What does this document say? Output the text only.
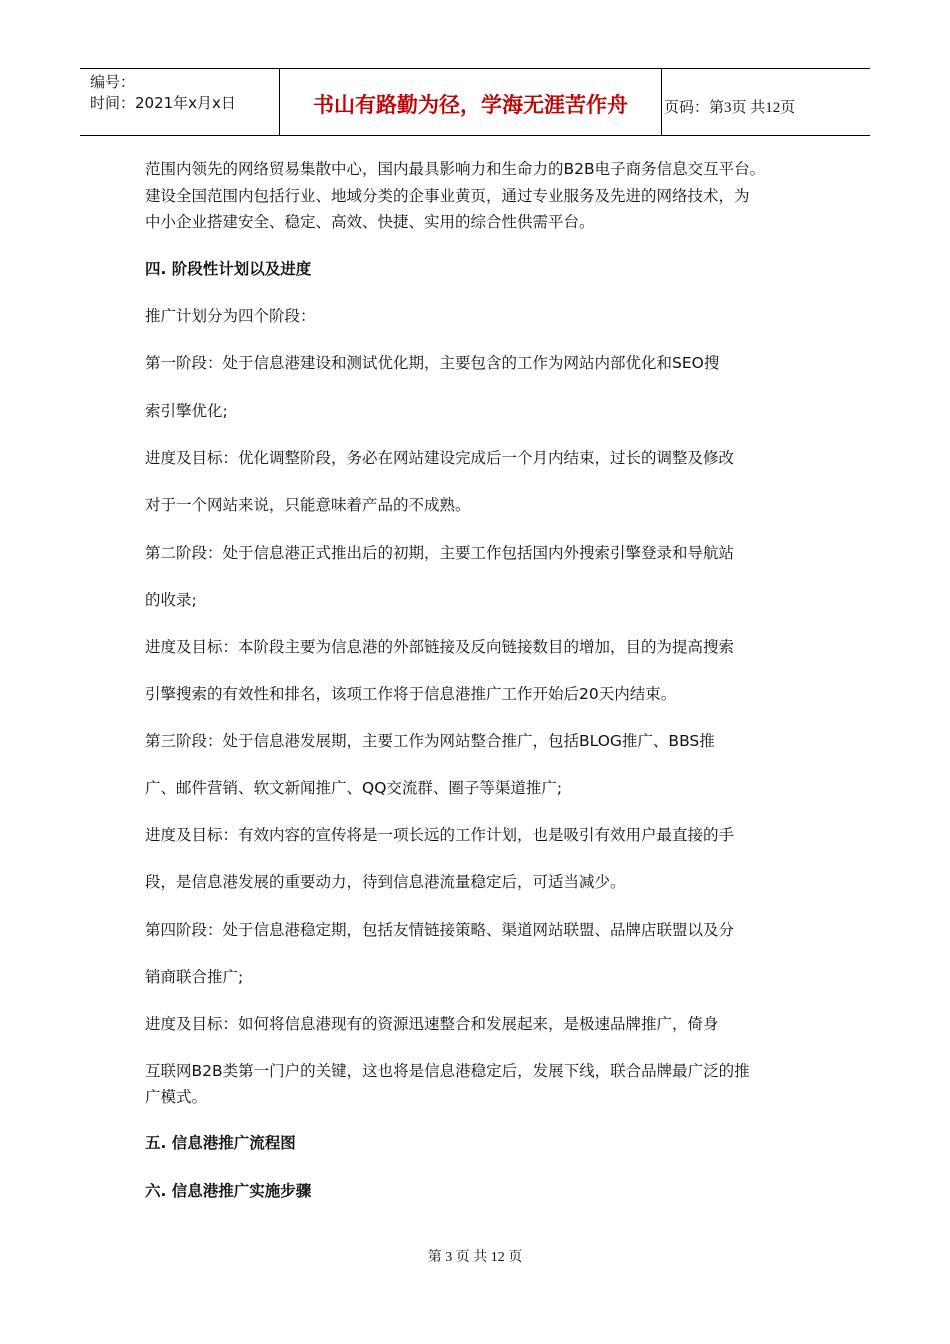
编号：
时间：2021年x月x日	书山有路勤为径，学海无涯苦作舟	页码：第3页 共12页
范围内领先的网络贸易集散中心，国内最具影响力和生命力的B2B电子商务信息交互平台。
建设全国范围内包括行业、地域分类的企事业黄页，通过专业服务及先进的网络技术，为
中小企业搭建安全、稳定、高效、快捷、实用的综合性供需平台。
四. 阶段性计划以及进度
推广计划分为四个阶段：
第一阶段：处于信息港建设和测试优化期，主要包含的工作为网站内部优化和SEO搜
索引擎优化;
进度及目标：优化调整阶段，务必在网站建设完成后一个月内结束，过长的调整及修改
对于一个网站来说，只能意味着产品的不成熟。
第二阶段：处于信息港正式推出后的初期，主要工作包括国内外搜索引擎登录和导航站
的收录;
进度及目标：本阶段主要为信息港的外部链接及反向链接数目的增加，目的为提高搜索
引擎搜索的有效性和排名，该项工作将于信息港推广工作开始后20天内结束。
第三阶段：处于信息港发展期，主要工作为网站整合推广，包括BLOG推广、BBS推
广、邮件营销、软文新闻推广、QQ交流群、圈子等渠道推广;
进度及目标：有效内容的宣传将是一项长远的工作计划，也是吸引有效用户最直接的手
段，是信息港发展的重要动力，待到信息港流量稳定后，可适当减少。
第四阶段：处于信息港稳定期，包括友情链接策略、渠道网站联盟、品牌店联盟以及分
销商联合推广;
进度及目标：如何将信息港现有的资源迅速整合和发展起来，是极速品牌推广，倚身
互联网B2B类第一门户的关键，这也将是信息港稳定后，发展下线，联合品牌最广泛的推
广模式。
五. 信息港推广流程图
六. 信息港推广实施步骤
第 3 页 共 12 页
